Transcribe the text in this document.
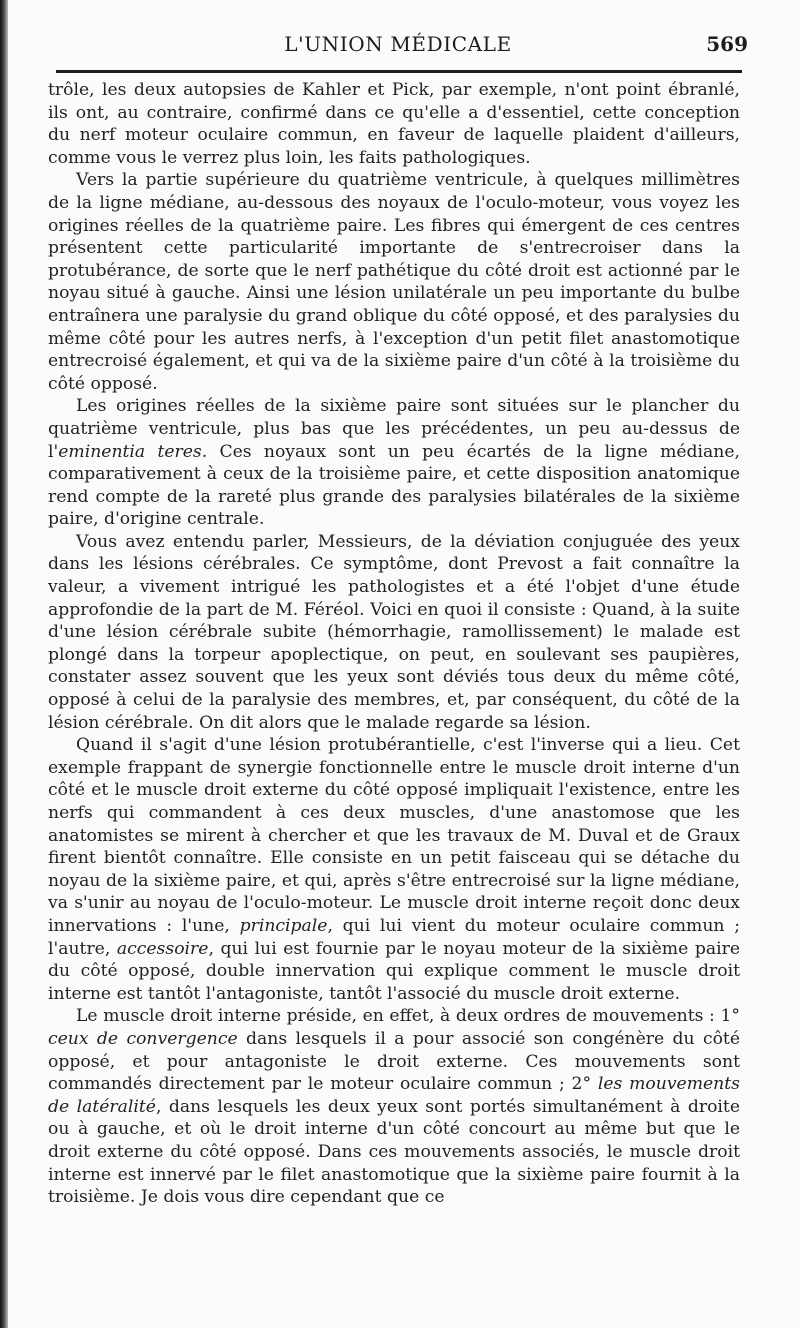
L'UNION MÉDICALE	569

trôle, les deux autopsies de Kahler et Pick, par exemple, n'ont point ébranlé, ils ont, au contraire, confirmé dans ce qu'elle a d'essentiel, cette conception du nerf moteur oculaire commun, en faveur de laquelle plaident d'ailleurs, comme vous le verrez plus loin, les faits pathologiques.

Vers la partie supérieure du quatrième ventricule, à quelques millimètres de la ligne médiane, au-dessous des noyaux de l'oculo-moteur, vous voyez les origines réelles de la quatrième paire. Les fibres qui émergent de ces centres présentent cette particularité importante de s'entrecroiser dans la protubérance, de sorte que le nerf pathétique du côté droit est actionné par le noyau situé à gauche. Ainsi une lésion unilatérale un peu importante du bulbe entraînera une paralysie du grand oblique du côté opposé, et des paralysies du même côté pour les autres nerfs, à l'exception d'un petit filet anastomotique entrecroisé également, et qui va de la sixième paire d'un côté à la troisième du côté opposé.

Les origines réelles de la sixième paire sont situées sur le plancher du quatrième ventricule, plus bas que les précédentes, un peu au-dessus de l'eminentia teres. Ces noyaux sont un peu écartés de la ligne médiane, comparativement à ceux de la troisième paire, et cette disposition anatomique rend compte de la rareté plus grande des paralysies bilatérales de la sixième paire, d'origine centrale.

Vous avez entendu parler, Messieurs, de la déviation conjuguée des yeux dans les lésions cérébrales. Ce symptôme, dont Prevost a fait connaître la valeur, a vivement intrigué les pathologistes et a été l'objet d'une étude approfondie de la part de M. Féréol. Voici en quoi il consiste : Quand, à la suite d'une lésion cérébrale subite (hémorrhagie, ramollissement) le malade est plongé dans la torpeur apoplectique, on peut, en soulevant ses paupières, constater assez souvent que les yeux sont déviés tous deux du même côté, opposé à celui de la paralysie des membres, et, par conséquent, du côté de la lésion cérébrale. On dit alors que le malade regarde sa lésion.

Quand il s'agit d'une lésion protubérantielle, c'est l'inverse qui a lieu. Cet exemple frappant de synergie fonctionnelle entre le muscle droit interne d'un côté et le muscle droit externe du côté opposé impliquait l'existence, entre les nerfs qui commandent à ces deux muscles, d'une anastomose que les anatomistes se mirent à chercher et que les travaux de M. Duval et de Graux firent bientôt connaître. Elle consiste en un petit faisceau qui se détache du noyau de la sixième paire, et qui, après s'être entrecroisé sur la ligne médiane, va s'unir au noyau de l'oculo-moteur. Le muscle droit interne reçoit donc deux innervations : l'une, principale, qui lui vient du moteur oculaire commun ; l'autre, accessoire, qui lui est fournie par le noyau moteur de la sixième paire du côté opposé, double innervation qui explique comment le muscle droit interne est tantôt l'antagoniste, tantôt l'associé du muscle droit externe.

Le muscle droit interne préside, en effet, à deux ordres de mouvements : 1° ceux de convergence dans lesquels il a pour associé son congénère du côté opposé, et pour antagoniste le droit externe. Ces mouvements sont commandés directement par le moteur oculaire commun ; 2° les mouvements de latéralité, dans lesquels les deux yeux sont portés simultanément à droite ou à gauche, et où le droit interne d'un côté concourt au même but que le droit externe du côté opposé. Dans ces mouvements associés, le muscle droit interne est innervé par le filet anastomotique que la sixième paire fournit à la troisième. Je dois vous dire cependant que ce
